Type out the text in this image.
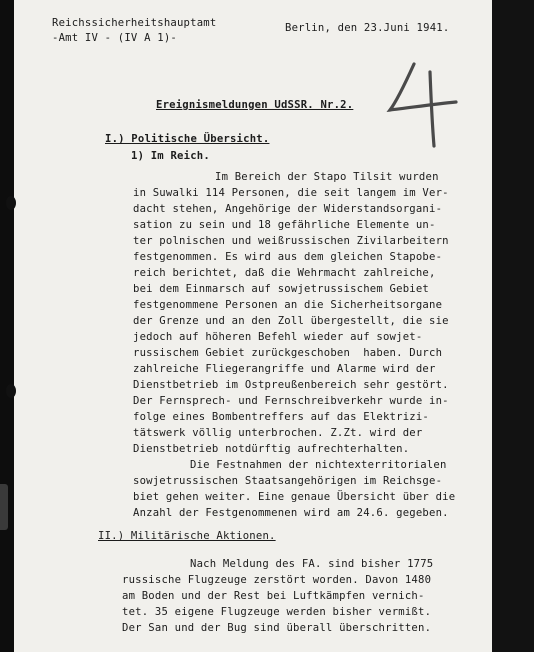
Reichssicherheitshauptamt
-Amt IV - (IV A 1)-
Berlin, den 23.Juni 1941.
Ereignismeldungen UdSSR. Nr.2.
I.) Politische Übersicht.
1) Im Reich.
Im Bereich der Stapo Tilsit wurden
in Suwalki 114 Personen, die seit langem im Ver-
dacht stehen, Angehörige der Widerstandsorgani-
sation zu sein und 18 gefährliche Elemente un-
ter polnischen und weißrussischen Zivilarbeitern
festgenommen. Es wird aus dem gleichen Stapobe-
reich berichtet, daß die Wehrmacht zahlreiche,
bei dem Einmarsch auf sowjetrussischem Gebiet
festgenommene Personen an die Sicherheitsorgane
der Grenze und an den Zoll übergestellt, die sie
jedoch auf höheren Befehl wieder auf sowjet-
russischem Gebiet zurückgeschoben  haben. Durch
zahlreiche Fliegerangriffe und Alarme wird der
Dienstbetrieb im Ostpreußenbereich sehr gestört.
Der Fernsprech- und Fernschreibverkehr wurde in-
folge eines Bombentreffers auf das Elektrizi-
tätswerk völlig unterbrochen. Z.Zt. wird der
Dienstbetrieb notdürftig aufrechterhalten.
Die Festnahmen der nichtexterritorialen
sowjetrussischen Staatsangehörigen im Reichsge-
biet gehen weiter. Eine genaue Übersicht über die
Anzahl der Festgenommenen wird am 24.6. gegeben.
II.) Militärische Aktionen.
Nach Meldung des FA. sind bisher 1775
russische Flugzeuge zerstört worden. Davon 1480
am Boden und der Rest bei Luftkämpfen vernich-
tet. 35 eigene Flugzeuge werden bisher vermißt.
Der San und der Bug sind überall überschritten.
